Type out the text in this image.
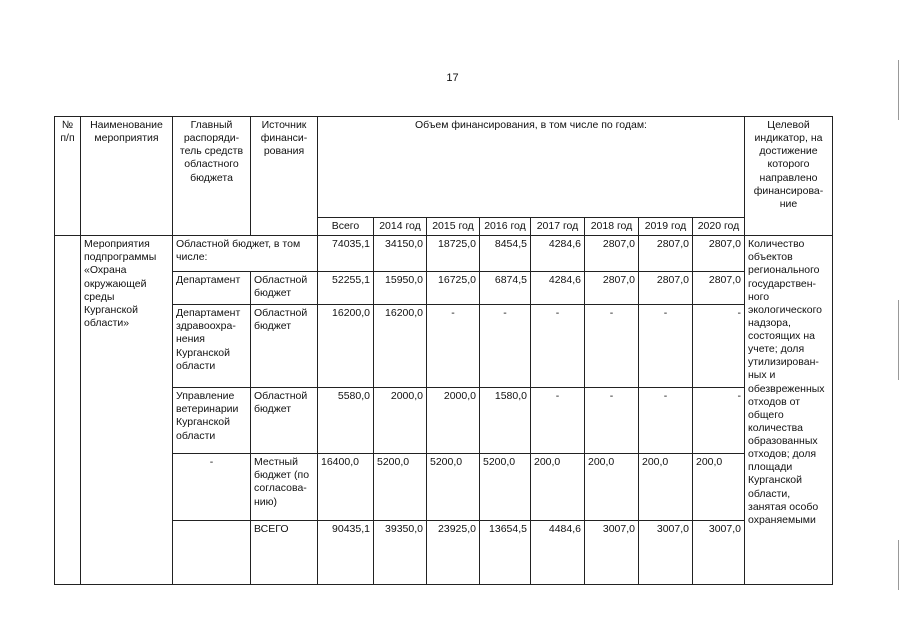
17
№ п/п	Наименование мероприятия	Главный распоряди-тель средств областного бюджета	Источник финанси-рования	Объем финансирования, в том числе по годам:								Целевой индикатор, на достижение которого направлено финансирова-ние
				Всего	2014 год	2015 год	2016 год	2017 год	2018 год	2019 год	2020 год	
	Мероприятия подпрограммы «Охрана окружающей среды Курганской области»	Областной бюджет, в том числе:		74035,1	34150,0	18725,0	8454,5	4284,6	2807,0	2807,0	2807,0	Количество объектов регионального государствен-ного экологического надзора, состоящих на учете; доля утилизирован-ных и обезвреженных отходов от общего количества образованных отходов; доля площади Курганской области, занятая особо охраняемыми
		Департамент	Областной бюджет	52255,1	15950,0	16725,0	6874,5	4284,6	2807,0	2807,0	2807,0	
		Департамент здравоохра-нения Курганской области	Областной бюджет	16200,0	16200,0	-	-	-	-	-	-	
		Управление ветеринарии Курганской области	Областной бюджет	5580,0	2000,0	2000,0	1580,0	-	-	-	-	
		-	Местный бюджет (по согласова-нию)	16400,0	5200,0	5200,0	5200,0	200,0	200,0	200,0	200,0	
			ВСЕГО	90435,1	39350,0	23925,0	13654,5	4484,6	3007,0	3007,0	3007,0	
